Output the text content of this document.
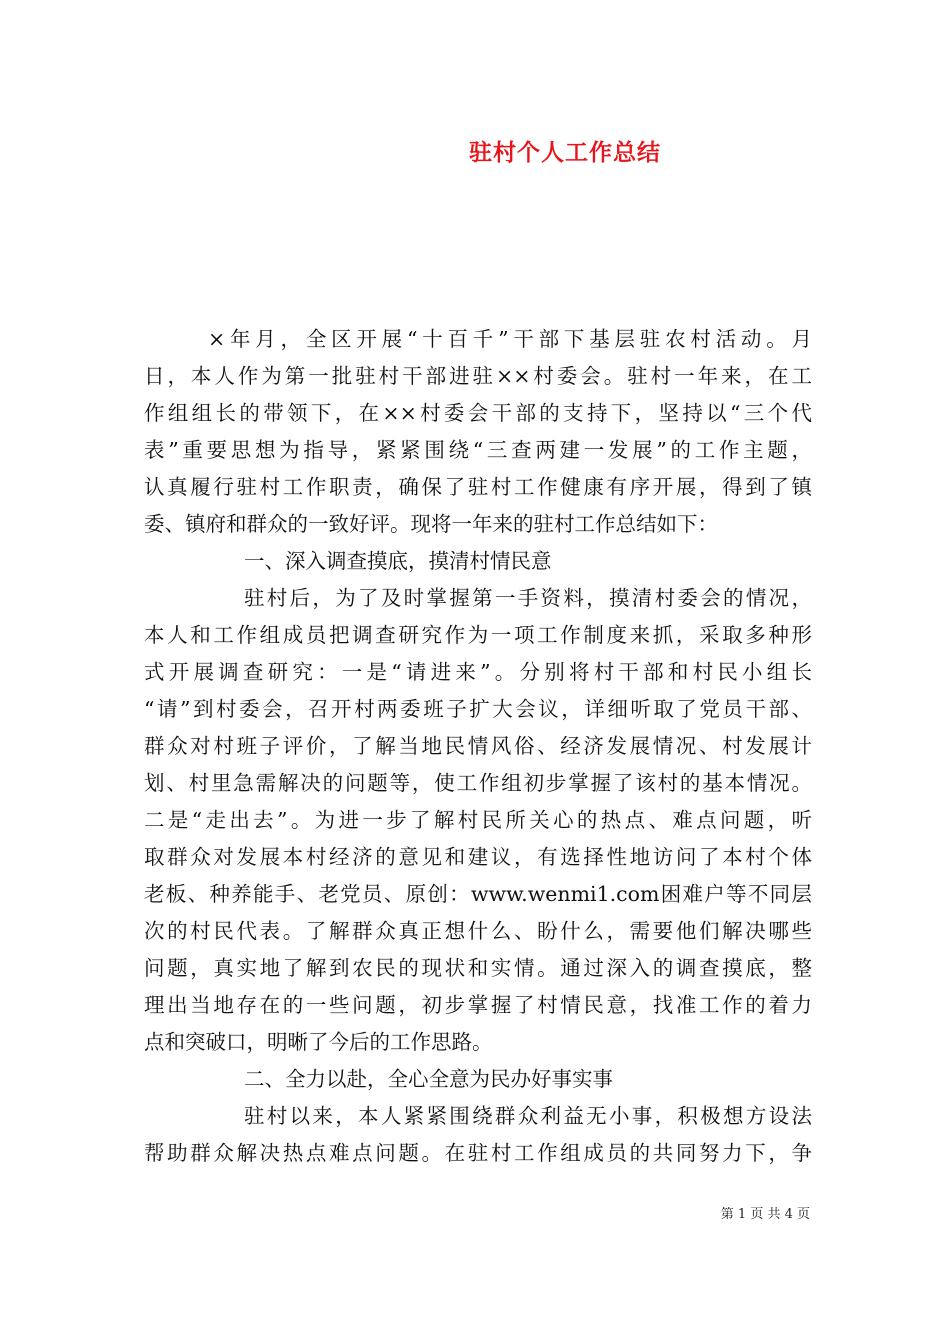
驻村个人工作总结
×年月，全区开展“十百千”干部下基层驻农村活动。月
日，本人作为第一批驻村干部进驻××村委会。驻村一年来，在工
作组组长的带领下，在××村委会干部的支持下，坚持以“三个代
表”重要思想为指导，紧紧围绕“三查两建一发展”的工作主题，
认真履行驻村工作职责，确保了驻村工作健康有序开展，得到了镇
委、镇府和群众的一致好评。现将一年来的驻村工作总结如下：
一、深入调查摸底，摸清村情民意
驻村后，为了及时掌握第一手资料，摸清村委会的情况，
本人和工作组成员把调查研究作为一项工作制度来抓，采取多种形
式开展调查研究：一是“请进来”。分别将村干部和村民小组长
“请”到村委会，召开村两委班子扩大会议，详细听取了党员干部、
群众对村班子评价，了解当地民情风俗、经济发展情况、村发展计
划、村里急需解决的问题等，使工作组初步掌握了该村的基本情况。
二是“走出去”。为进一步了解村民所关心的热点、难点问题，听
取群众对发展本村经济的意见和建议，有选择性地访问了本村个体
老板、种养能手、老党员、原创：www.wenmi1.com困难户等不同层
次的村民代表。了解群众真正想什么、盼什么，需要他们解决哪些
问题，真实地了解到农民的现状和实情。通过深入的调查摸底，整
理出当地存在的一些问题，初步掌握了村情民意，找准工作的着力
点和突破口，明晰了今后的工作思路。
二、全力以赴，全心全意为民办好事实事
驻村以来，本人紧紧围绕群众利益无小事，积极想方设法
帮助群众解决热点难点问题。在驻村工作组成员的共同努力下，争
第 1 页 共 4 页
